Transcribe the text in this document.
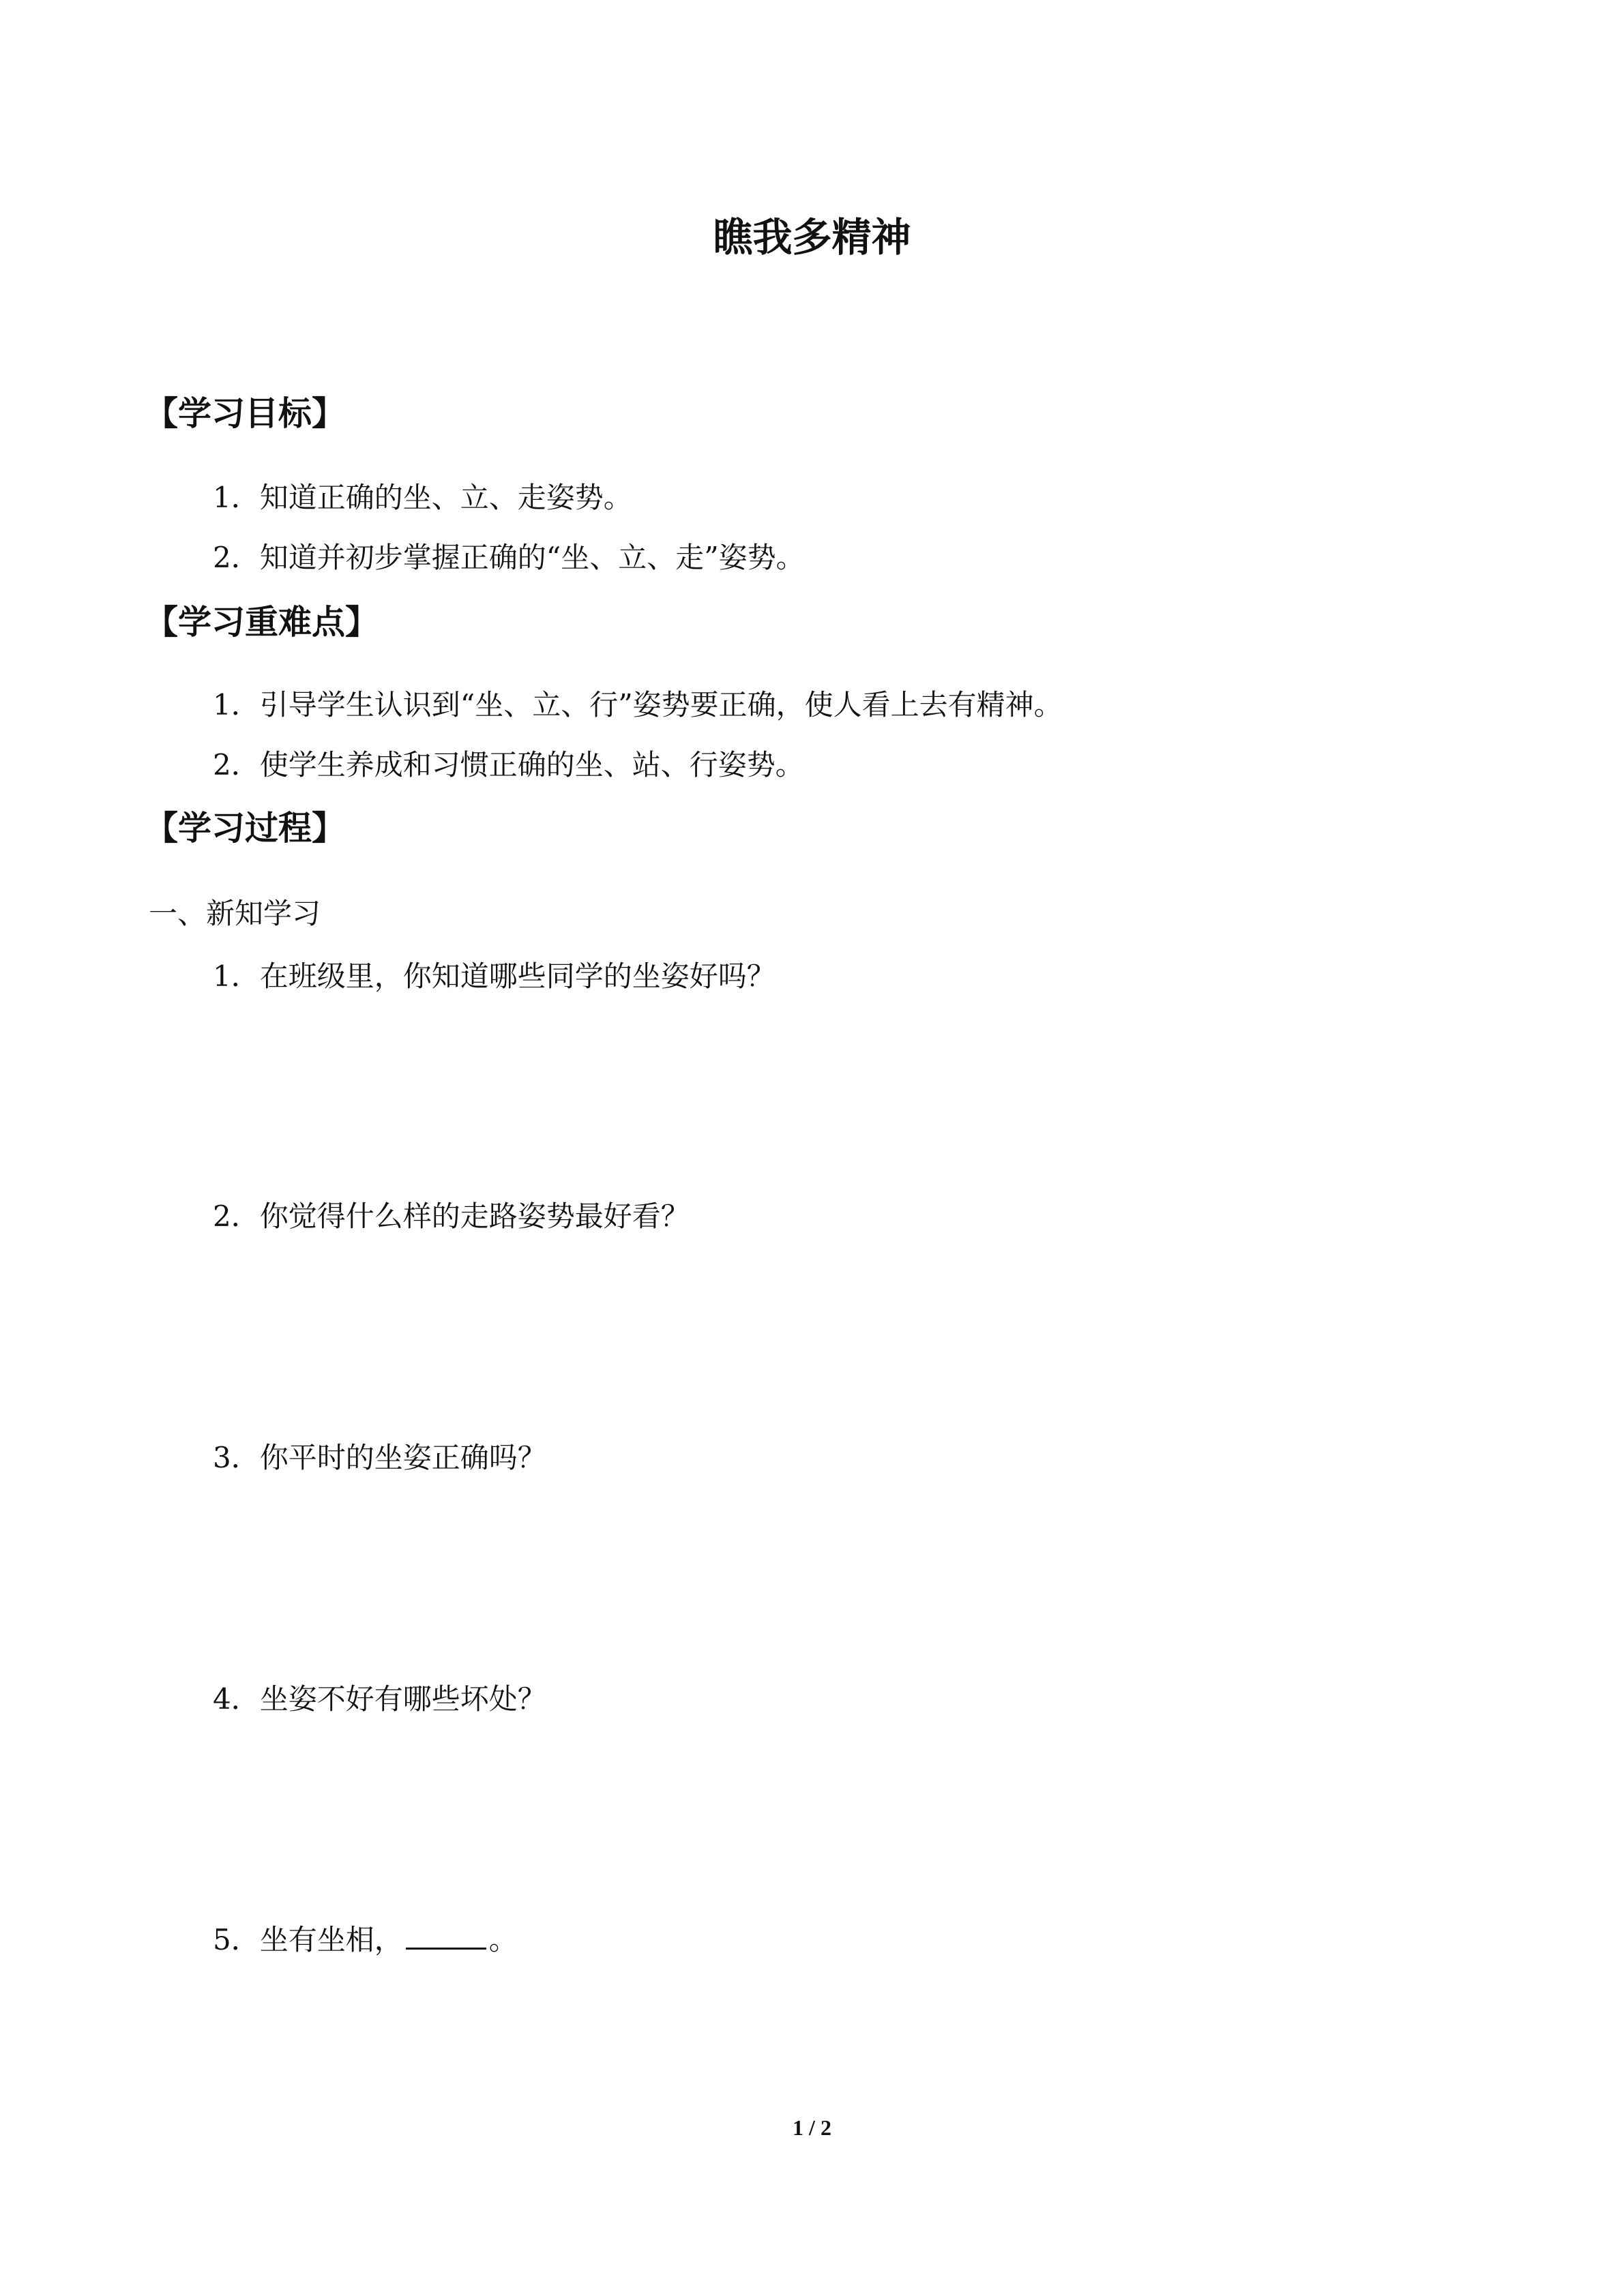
瞧我多精神
【学习目标】
1．知道正确的坐、立、走姿势。
2．知道并初步掌握正确的“坐、立、走”姿势。
【学习重难点】
1．引导学生认识到“坐、立、行”姿势要正确，使人看上去有精神。
2．使学生养成和习惯正确的坐、站、行姿势。
【学习过程】
一、新知学习
1．在班级里，你知道哪些同学的坐姿好吗？
2．你觉得什么样的走路姿势最好看？
3．你平时的坐姿正确吗？
4．坐姿不好有哪些坏处？
5．坐有坐相，	。
1 / 2
